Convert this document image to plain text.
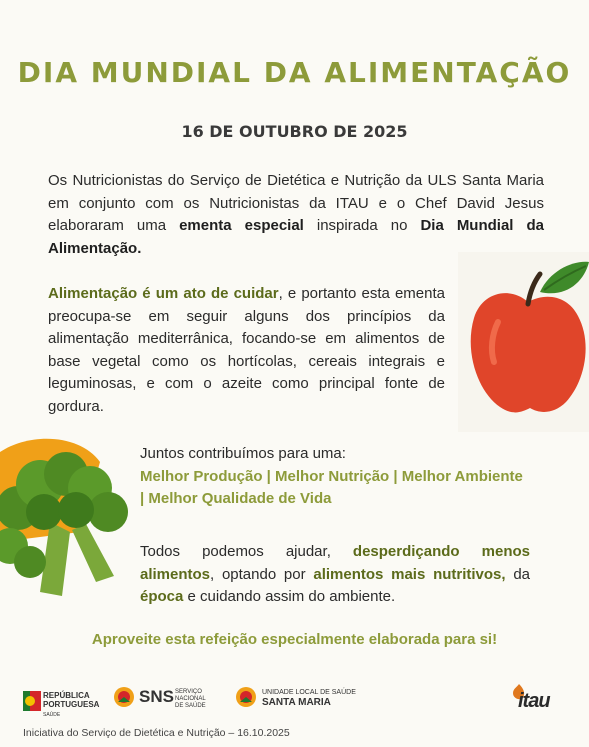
DIA MUNDIAL DA ALIMENTAÇÃO
16 DE OUTUBRO DE 2025
Os Nutricionistas do Serviço de Dietética e Nutrição da ULS Santa Maria em conjunto com os Nutricionistas da ITAU e o Chef David Jesus elaboraram uma ementa especial inspirada no Dia Mundial da Alimentação.
Alimentação é um ato de cuidar, e portanto esta ementa preocupa-se em seguir alguns dos princípios da alimentação mediterrânica, focando-se em alimentos de base vegetal como os hortícolas, cereais integrais e leguminosas, e com o azeite como principal fonte de gordura.
Juntos contribuímos para uma:
Melhor Produção | Melhor Nutrição | Melhor Ambiente
| Melhor Qualidade de Vida
Todos podemos ajudar, desperdiçando menos alimentos, optando por alimentos mais nutritivos, da época e cuidando assim do ambiente.
Aproveite esta refeição especialmente elaborada para si!
REPÚBLICA
PORTUGUESA
SAÚDE
SNS SERVIÇO NACIONAL
DE SAÚDE
UNIDADE LOCAL DE SAÚDE
SANTA MARIA	itau
Iniciativa do Serviço de Dietética e Nutrição – 16.10.2025
